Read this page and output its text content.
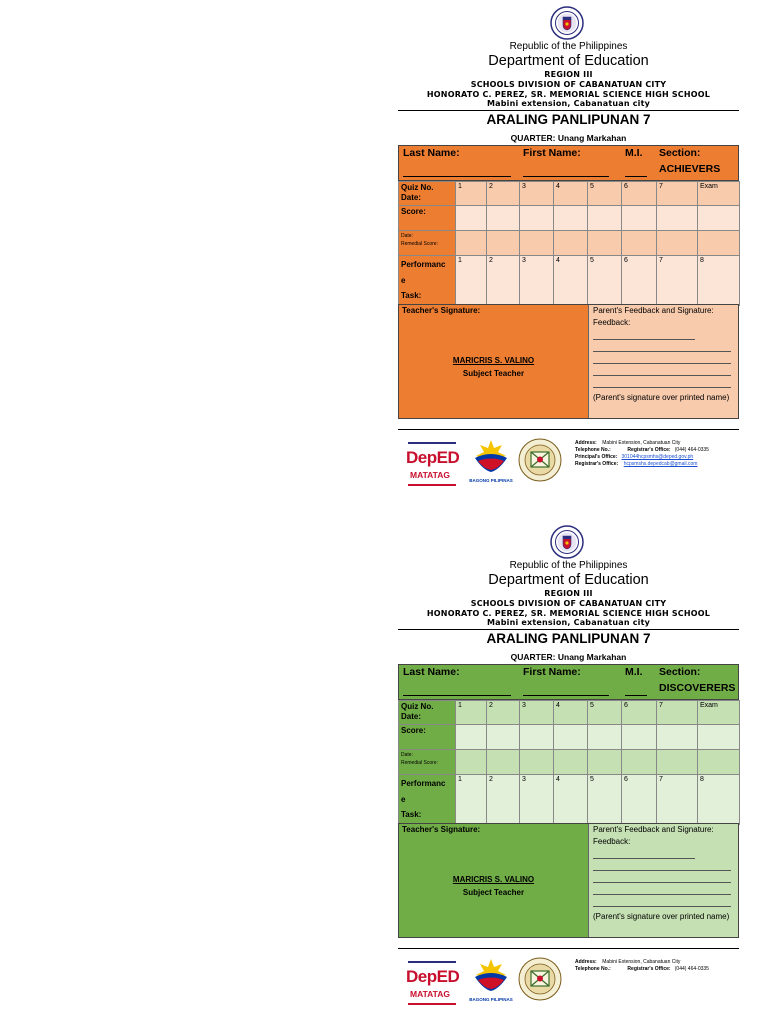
Republic of the Philippines
Department of Education
REGION III
SCHOOLS DIVISION OF CABANATUAN CITY
HONORATO C. PEREZ, SR. MEMORIAL SCIENCE HIGH SCHOOL
Mabini extension, Cabanatuan city
ARALING PANLIPUNAN 7
QUARTER: Unang Markahan
Last Name:	First Name:	M.I. Section:
ACHIEVERS
Quiz No.
Date:	1	2	3	4	5	6	7	Exam

Score:								

Date:
Remedial Score:								

Performanc
e
Task:	1	2	3	4	5	6	7	8
Teacher's Signature:
MARICRIS S. VALINO
Subject Teacher
Parent's Feedback and Signature:
Feedback:
(Parent's signature over printed name)
DepED
MATATAG
BAGONG PILIPINAS
Address: Mabini Extension, Cabanatuan City
Telephone No.:	Registrar's Office: (044) 464-0335
Principal's Office: 301044hcpsmhs@deped.gov.ph
Registrar's Office: hcpsmshs.depedcab@gmail.com
Republic of the Philippines
Department of Education
REGION III
SCHOOLS DIVISION OF CABANATUAN CITY
HONORATO C. PEREZ, SR. MEMORIAL SCIENCE HIGH SCHOOL
Mabini extension, Cabanatuan city
ARALING PANLIPUNAN 7
QUARTER: Unang Markahan
Last Name:	First Name:	M.I. Section:
DISCOVERERS
Quiz No.
Date:	1	2	3	4	5	6	7	Exam

Score:								

Date:
Remedial Score:								

Performanc
e
Task:	1	2	3	4	5	6	7	8
Teacher's Signature:
MARICRIS S. VALINO
Subject Teacher
Parent's Feedback and Signature:
Feedback:
(Parent's signature over printed name)
DepED
MATATAG
BAGONG PILIPINAS
Address: Mabini Extension, Cabanatuan City
Telephone No.:	Registrar's Office: (044) 464-0335
